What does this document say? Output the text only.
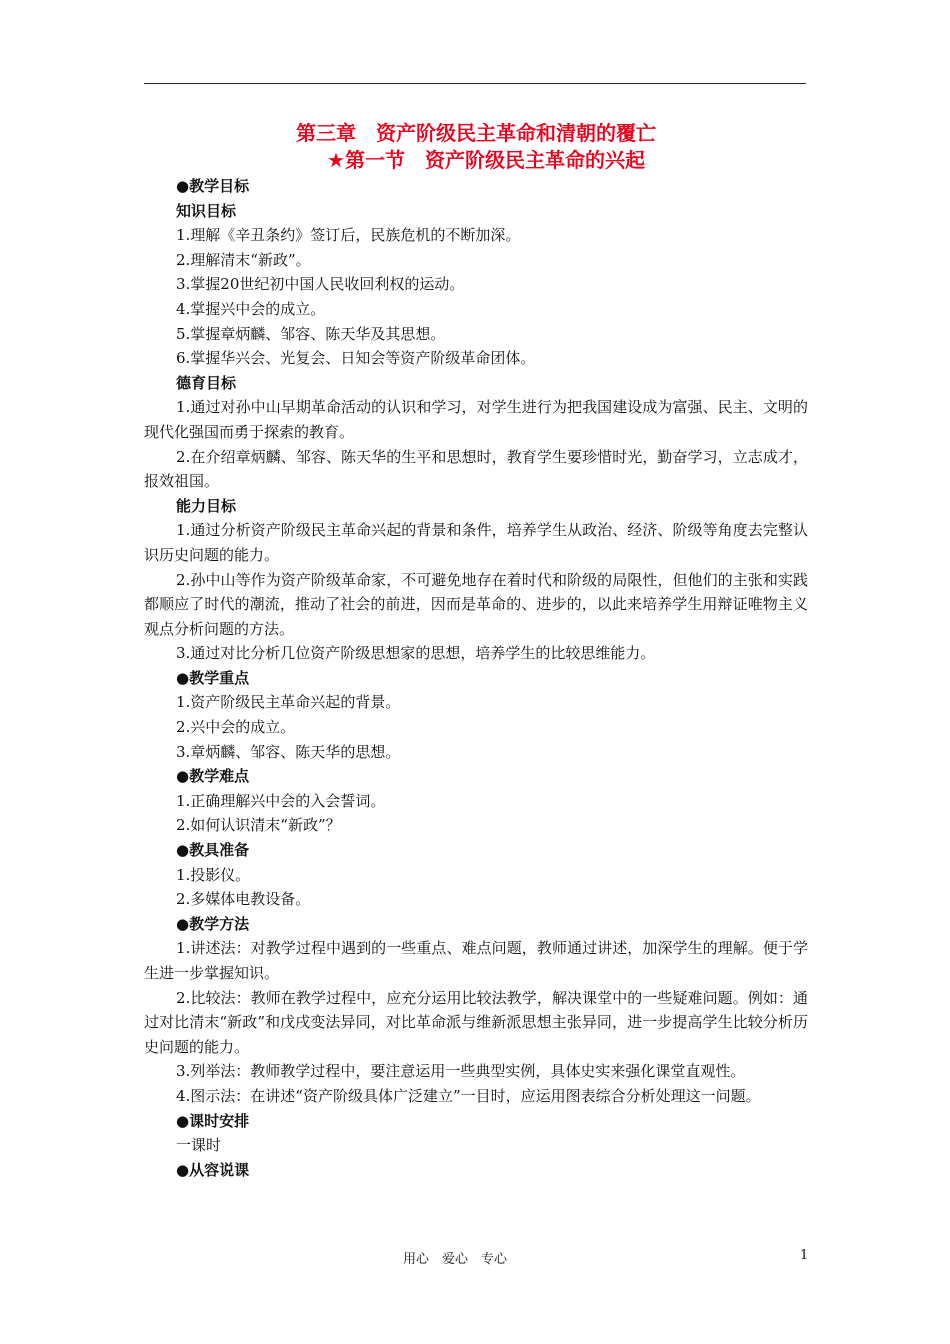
第三章　资产阶级民主革命和清朝的覆亡
★第一节　资产阶级民主革命的兴起

●教学目标

知识目标

1.理解《辛丑条约》签订后，民族危机的不断加深。

2.理解清末“新政”。

3.掌握20世纪初中国人民收回利权的运动。

4.掌握兴中会的成立。

5.掌握章炳麟、邹容、陈天华及其思想。

6.掌握华兴会、光复会、日知会等资产阶级革命团体。

德育目标

1.通过对孙中山早期革命活动的认识和学习，对学生进行为把我国建设成为富强、民主、文明的现代化强国而勇于探索的教育。

2.在介绍章炳麟、邹容、陈天华的生平和思想时，教育学生要珍惜时光，勤奋学习，立志成才，报效祖国。

能力目标

1.通过分析资产阶级民主革命兴起的背景和条件，培养学生从政治、经济、阶级等角度去完整认识历史问题的能力。

2.孙中山等作为资产阶级革命家，不可避免地存在着时代和阶级的局限性，但他们的主张和实践都顺应了时代的潮流，推动了社会的前进，因而是革命的、进步的，以此来培养学生用辩证唯物主义观点分析问题的方法。

3.通过对比分析几位资产阶级思想家的思想，培养学生的比较思维能力。

●教学重点

1.资产阶级民主革命兴起的背景。

2.兴中会的成立。

3.章炳麟、邹容、陈天华的思想。

●教学难点

1.正确理解兴中会的入会誓词。

2.如何认识清末“新政”？

●教具准备

1.投影仪。

2.多媒体电教设备。

●教学方法

1.讲述法：对教学过程中遇到的一些重点、难点问题，教师通过讲述，加深学生的理解。便于学生进一步掌握知识。

2.比较法：教师在教学过程中，应充分运用比较法教学，解决课堂中的一些疑难问题。例如：通过对比清末“新政”和戊戌变法异同，对比革命派与维新派思想主张异同，进一步提高学生比较分析历史问题的能力。

3.列举法：教师教学过程中，要注意运用一些典型实例，具体史实来强化课堂直观性。

4.图示法：在讲述“资产阶级具体广泛建立”一目时，应运用图表综合分析处理这一问题。

●课时安排

一课时

●从容说课

用心　爱心　专心	1
